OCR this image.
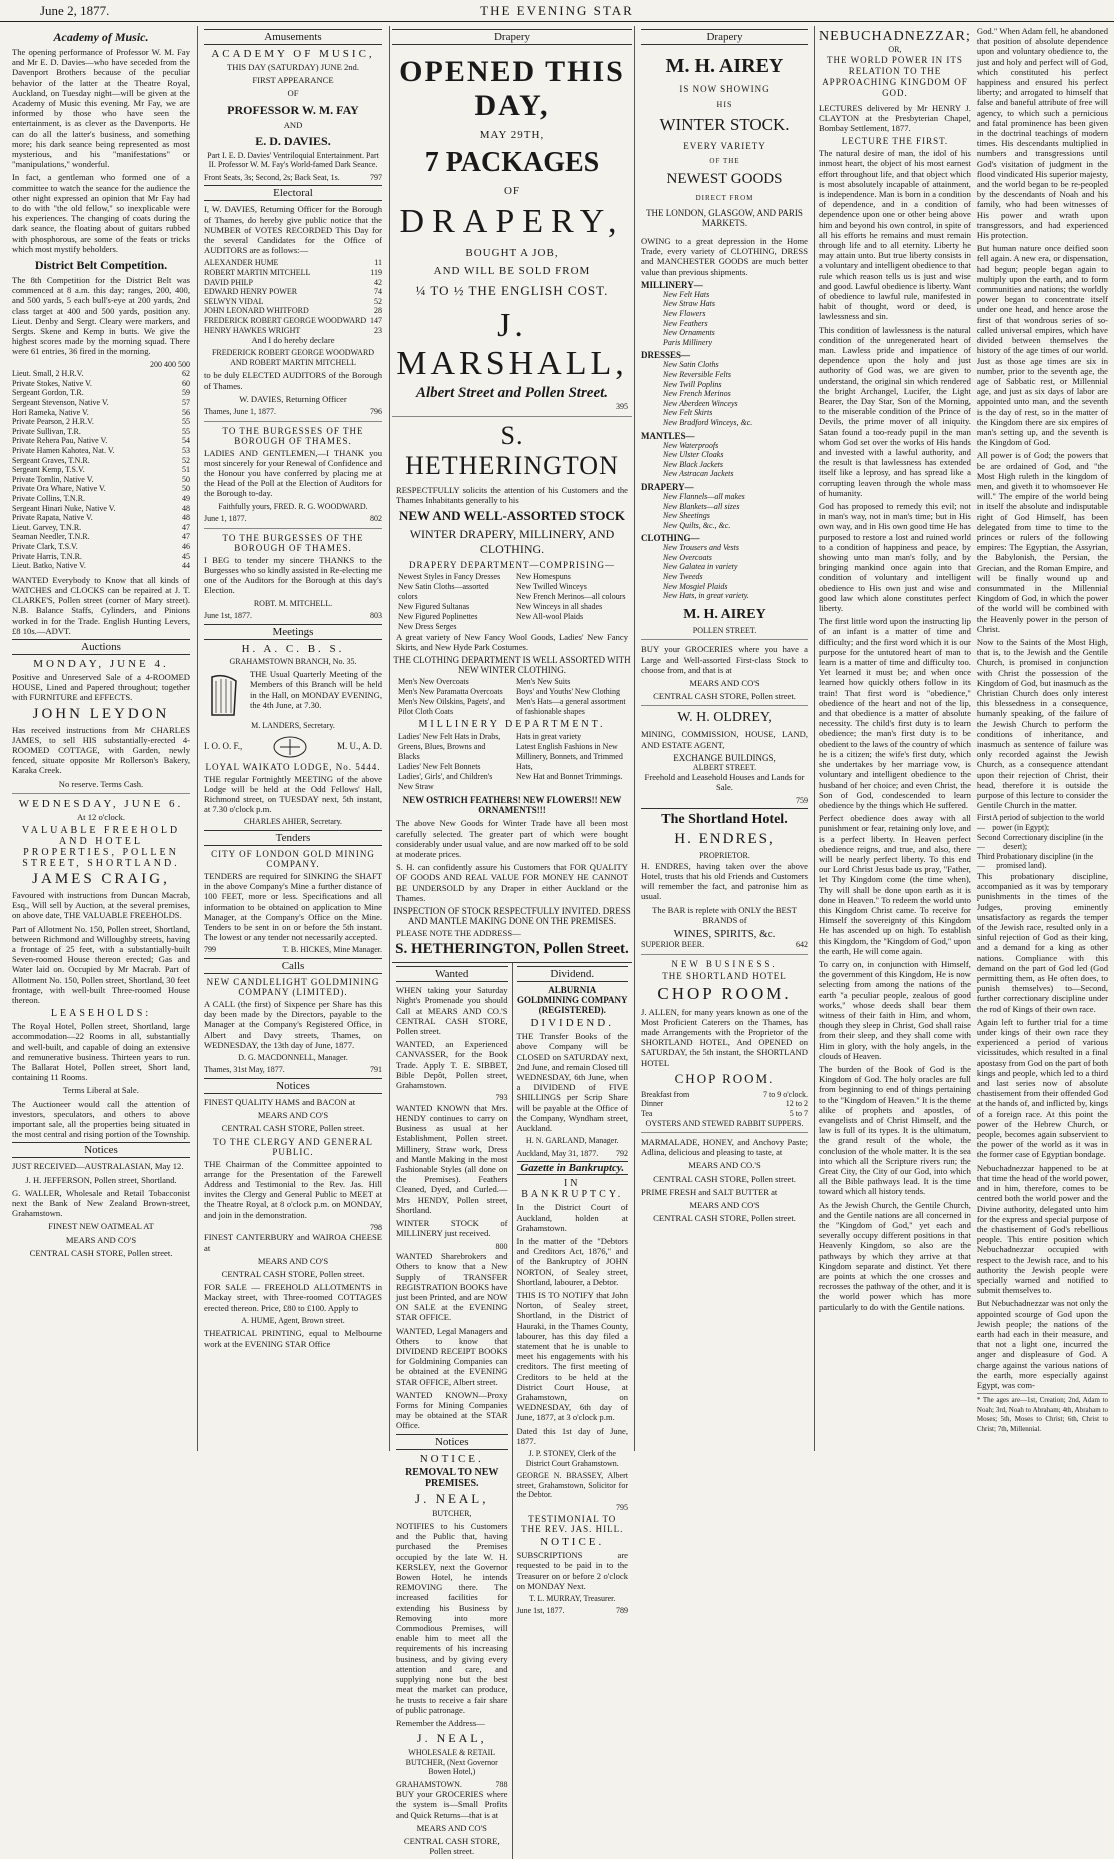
June 2, 1877.	THE EVENING STAR
Academy of Music.

The opening performance of Professor W. M. Fay and Mr E. D. Davies—who have seceded from the Davenport Brothers because of the peculiar behavior of the latter at the Theatre Royal, Auckland, on Tuesday night—will be given at the Academy of Music this evening. Mr Fay, we are informed by those who have seen the entertainment, is as clever as the Davenports. He can do all the latter's business, and something more; his dark seance being represented as most mysterious, and his "manifestations" or "manipulations," wonderful.

In fact, a gentleman who formed one of a committee to watch the seance for the audience the other night expressed an opinion that Mr Fay had to do with "the old fellow," so inexplicable were his experiences. The changing of coats during the dark seance, the floating about of guitars rubbed with phosphorous, are some of the feats or tricks which most mystify beholders.

District Belt Competition.

The 8th Competition for the District Belt was commenced at 8 a.m. this day; ranges, 200, 400, and 500 yards, 5 each bull's-eye at 200 yards, 2nd class target at 400 and 500 yards, position any. Lieut. Denby and Sergt. Cleary were markers, and Sergts. Skene and Kemp in butts. We give the highest scores made by the morning squad. There were 61 entries, 36 fired in the morning.

200 400 500
Lieut. Small, 2 H.R.V.	62
Private Stokes, Native V.	60
Sergeant Gordon, T.R.	59
Sergeant Stevenson, Native V.	57
Hori Rameka, Native V.	56
Private Pearson, 2 H.R.V.	55
Private Sullivan, T.R.	55
Private Rehera Pau, Native V.	54
Private Hamen Kahotea, Nat. V.	53
Sergeant Graves, T.N.R.	52
Sergeant Kemp, T.S.V.	51
Private Tomlin, Native V.	50
Private Ora Whare, Native V.	50
Private Collins, T.N.R.	49
Sergeant Hinari Nuke, Native V.	48
Private Rapata, Native V.	48
Lieut. Garvey, T.N.R.	47
Seaman Needler, T.N.R.	47
Private Clark, T.S.V.	46
Private Harris, T.N.R.	45
Lieut. Batko, Native V.	44

WANTED Everybody to Know that all kinds of WATCHES and CLOCKS can be repaired at J. T. CLARKE'S, Pollen street (corner of Mary street). N.B. Balance Staffs, Cylinders, and Pinions worked in for the Trade. English Hunting Levers, £8 10s.—ADVT.

Auctions
MONDAY, JUNE 4.

Positive and Unreserved Sale of a 4-ROOMED HOUSE, Lined and Papered throughout; together with FURNITURE and EFFECTS.

JOHN LEYDON

Has received instructions from Mr CHARLES JAMES, to sell HIS substantially-erected 4-ROOMED COTTAGE, with Garden, newly fenced, situate opposite Mr Rollerson's Bakery, Karaka Creek.

No reserve. Terms Cash.

WEDNESDAY, JUNE 6.

At 12 o'clock.

VALUABLE FREEHOLD AND HOTEL PROPERTIES, POLLEN STREET, SHORTLAND.
JAMES CRAIG,

Favoured with instructions from Duncan Macrab, Esq., Will sell by Auction, at the several premises, on above date, THE VALUABLE FREEHOLDS.

Part of Allotment No. 150, Pollen street, Shortland, between Richmond and Willoughby streets, having a frontage of 25 feet, with a substantially-built Seven-roomed House thereon erected; Gas and Water laid on. Occupied by Mr Macrab. Part of Allotment No. 150, Pollen street, Shortland, 30 feet frontage, with well-built Three-roomed House thereon.

LEASEHOLDS:

The Royal Hotel, Pollen street, Shortland, large accommodation—22 Rooms in all, substantially and well-built, and capable of doing an extensive and remunerative business. Thirteen years to run. The Ballarat Hotel, Pollen street, Short land, containing 11 Rooms.

Terms Liberal at Sale.

The Auctioneer would call the attention of investors, speculators, and others to above important sale, all the properties being situated in the most central and rising portion of the Township.

Notices

JUST RECEIVED—AUSTRALASIAN, May 12.

J. H. JEFFERSON, Pollen street, Shortland.

G. WALLER, Wholesale and Retail Tobacconist next the Bank of New Zealand Brown-street, Grahamstown.

FINEST NEW OATMEAL AT

MEARS AND CO'S

CENTRAL CASH STORE, Pollen street.

Amusements
ACADEMY OF MUSIC,

THIS DAY (SATURDAY) JUNE 2nd.

FIRST APPEARANCE

OF

PROFESSOR W. M. FAY

AND

E. D. DAVIES.

Part I. E. D. Davies' Ventriloquial Entertainment. Part II. Professor W. M. Fay's World-famed Dark Seance.

Front Seats, 3s; Second, 2s; Back Seat, 1s.	797
Electoral

I, W. DAVIES, Returning Officer for the Borough of Thames, do hereby give public notice that the NUMBER of VOTES RECORDED This Day for the several Candidates for the Office of AUDITORS are as follows:—

ALEXANDER HUME	11
ROBERT MARTIN MITCHELL	119
DAVID PHILP	42
EDWARD HENRY POWER	74
SELWYN VIDAL	52
JOHN LEONARD WHITFORD	28
FREDERICK ROBERT GEORGE WOODWARD 147
HENRY HAWKES WRIGHT	23

And I do hereby declare

FREDERICK ROBERT GEORGE WOODWARD AND ROBERT MARTIN MITCHELL

to be duly ELECTED AUDITORS of the Borough of Thames.

W. DAVIES, Returning Officer

Thames, June 1, 1877.	796
TO THE BURGESSES OF THE BOROUGH OF THAMES.

LADIES AND GENTLEMEN,—I THANK you most sincerely for your Renewal of Confidence and the Honour you have conferred by placing me at the Head of the Poll at the Election of Auditors for the Borough to-day.

Faithfully yours, FRED. R. G. WOODWARD.

June 1, 1877.	802
TO THE BURGESSES OF THE BOROUGH OF THAMES.

I BEG to tender my sincere THANKS to the Burgesses who so kindly assisted in Re-electing me one of the Auditors for the Borough at this day's Election.

ROBT. M. MITCHELL.

June 1st, 1877.	803
Meetings
H. A. C. B. S.

GRAHAMSTOWN BRANCH, No. 35.

THE Usual Quarterly Meeting of the Members of this Branch will be held in the Hall, on MONDAY EVENING, the 4th June, at 7.30.

M. LANDERS, Secretary.

I. O. O. F.,	M. U., A. D.
LOYAL WAIKATO LODGE, No. 5444.

THE regular Fortnightly MEETING of the above Lodge will be held at the Odd Fellows' Hall, Richmond street, on TUESDAY next, 5th instant, at 7.30 o'clock p.m.

CHARLES AHIER, Secretary.

Tenders
CITY OF LONDON GOLD MINING COMPANY.

TENDERS are required for SINKING the SHAFT in the above Company's Mine a further distance of 100 FEET, more or less. Specifications and all information to be obtained on application to Mine Manager, at the Company's Office on the Mine. Tenders to be sent in on or before the 5th instant. The lowest or any tender not necessarily accepted.

799	T. B. HICKES, Mine Manager.
Calls
NEW CANDLELIGHT GOLDMINING COMPANY (LIMITED).

A CALL (the first) of Sixpence per Share has this day been made by the Directors, payable to the Manager at the Company's Registered Office, in Albert and Davy streets, Thames, on WEDNESDAY, the 13th day of June, 1877.

D. G. MACDONNELL, Manager.

Thames, 31st May, 1877.	791
Notices

FINEST QUALITY HAMS and BACON at

MEARS AND CO'S

CENTRAL CASH STORE, Pollen street.

TO THE CLERGY AND GENERAL PUBLIC.

THE Chairman of the Committee appointed to arrange for the Presentation of the Farewell Address and Testimonial to the Rev. Jas. Hill invites the Clergy and General Public to MEET at the Theatre Royal, at 8 o'clock p.m. on MONDAY, and join in the demonstration.

798

FINEST CANTERBURY and WAIROA CHEESE at

MEARS AND CO'S

CENTRAL CASH STORE, Pollen street.

FOR SALE — FREEHOLD ALLOTMENTS in Mackay street, with Three-roomed COTTAGES erected thereon. Price, £80 to £100. Apply to

A. HUME, Agent, Brown street.

THEATRICAL PRINTING, equal to Melbourne work at the EVENING STAR Office

Drapery
OPENED THIS DAY,
MAY 29TH,
7 PACKAGES
OF
DRAPERY,
BOUGHT A JOB,
AND WILL BE SOLD FROM
¼ TO ½ THE ENGLISH COST.
J. MARSHALL,
Albert Street and Pollen Street.
395
S. HETHERINGTON

RESPECTFULLY solicits the attention of his Customers and the Thames Inhabitants generally to his

NEW AND WELL-ASSORTED STOCK
WINTER DRAPERY, MILLINERY, AND CLOTHING.
DRAPERY DEPARTMENT—COMPRISING—
Newest Styles in Fancy Dresses
New Satin Cloths—assorted colors
New Figured Sultanas
New Figured Poplinettes
New Dress Serges
New Homespuns
New Twilled Winceys
New French Merinos—all colours
New Winceys in all shades
New All-wool Plaids

A great variety of New Fancy Wool Goods, Ladies' New Fancy Skirts, and New Hyde Park Costumes.

THE CLOTHING DEPARTMENT IS WELL ASSORTED WITH NEW WINTER CLOTHING.
Men's New Overcoats
Men's New Paramatta Overcoats
Men's New Oilskins, Pagets', and Pilot Cloth Coats
Men's New Suits
Boys' and Youths' New Clothing
Men's Hats—a general assortment of fashionable shapes
MILLINERY DEPARTMENT.
Ladies' New Felt Hats in Drabs, Greens, Blues, Browns and Blacks
Ladies' New Felt Bonnets
Ladies', Girls', and Children's New Straw
Hats in great variety
Latest English Fashions in New Millinery, Bonnets, and Trimmed Hats,
New Hat and Bonnet Trimmings.
NEW OSTRICH FEATHERS! NEW FLOWERS!! NEW ORNAMENTS!!!

The above New Goods for Winter Trade have all been most carefully selected. The greater part of which were bought considerably under usual value, and are now marked off to be sold at moderate prices.

S. H. can confidently assure his Customers that FOR QUALITY OF GOODS AND REAL VALUE FOR MONEY HE CANNOT BE UNDERSOLD by any Draper in either Auckland or the Thames.

INSPECTION OF STOCK RESPECTFULLY INVITED. DRESS AND MANTLE MAKING DONE ON THE PREMISES.

PLEASE NOTE THE ADDRESS—

S. HETHERINGTON, Pollen Street.
Wanted

WHEN taking your Saturday Night's Promenade you should Call at MEARS AND CO.'S CENTRAL CASH STORE, Pollen street.

WANTED, an Experienced CANVASSER, for the Book Trade. Apply T. E. SIBBET, Bible Depôt, Pollen street, Grahamstown.

793

WANTED KNOWN that Mrs. HENDY continues to carry on Business as usual at her Establishment, Pollen street. Millinery, Straw work, Dress and Mantle Making in the most Fashionable Styles (all done on the Premises). Feathers Cleaned, Dyed, and Curled.—Mrs HENDY, Pollen street, Shortland.

WINTER STOCK of MILLINERY just received.

800

WANTED Sharebrokers and Others to know that a New Supply of TRANSFER REGISTRATION BOOKS have just been Printed, and are NOW ON SALE at the EVENING STAR OFFICE.

WANTED, Legal Managers and Others to know that DIVIDEND RECEIPT BOOKS for Goldmining Companies can be obtained at the EVENING STAR OFFICE, Albert street.

WANTED KNOWN—Proxy Forms for Mining Companies may be obtained at the STAR Office.

Notices
NOTICE.
REMOVAL TO NEW PREMISES.
J. NEAL,

BUTCHER,

NOTIFIES to his Customers and the Public that, having purchased the Premises occupied by the late W. H. KERSLEY, next the Governor Bowen Hotel, he intends REMOVING there. The increased facilities for extending his Business by Removing into more Commodious Premises, will enable him to meet all the requirements of his increasing business, and by giving every attention and care, and supplying none but the best meat the market can produce, he trusts to receive a fair share of public patronage.

Remember the Address—

J. NEAL,

WHOLESALE & RETAIL BUTCHER, (Next Governor Bowen Hotel,)

GRAHAMSTOWN.	788

BUY your GROCERIES where the system is—Small Profits and Quick Returns—that is at

MEARS AND CO'S

CENTRAL CASH STORE, Pollen street.

Dividend.
ALBURNIA GOLDMINING COMPANY (REGISTERED).
DIVIDEND.

THE Transfer Books of the above Company will be CLOSED on SATURDAY next, 2nd June, and remain Closed till WEDNESDAY, 6th June, when a DIVIDEND of FIVE SHILLINGS per Scrip Share will be payable at the Office of the Company, Wyndham street, Auckland.

H. N. GARLAND, Manager.

Auckland, May 31, 1877. 792
Gazette in Bankruptcy.
IN BANKRUPTCY.

In the District Court of Auckland, holden at Grahamstown.

In the matter of the "Debtors and Creditors Act, 1876," and of the Bankruptcy of JOHN NORTON, of Sealey street, Shortland, labourer, a Debtor.

THIS IS TO NOTIFY that John Norton, of Sealey street, Shortland, in the District of Hauraki, in the Thames County, labourer, has this day filed a statement that he is unable to meet his engagements with his creditors. The first meeting of Creditors to be held at the District Court House, at Grahamstown, on WEDNESDAY, 6th day of June, 1877, at 3 o'clock p.m.

Dated this 1st day of June, 1877.

J. P. STONEY, Clerk of the District Court Grahamstown.

GEORGE N. BRASSEY, Albert street, Grahamstown, Solicitor for the Debtor.

795
TESTIMONIAL TO THE REV. JAS. HILL.
NOTICE.

SUBSCRIPTIONS are requested to be paid in to the Treasurer on or before 2 o'clock on MONDAY Next.

T. L. MURRAY, Treasurer.

June 1st, 1877.	789
Drapery
M. H. AIREY
IS NOW SHOWING
HIS
WINTER STOCK.
EVERY VARIETY
OF THE
NEWEST GOODS
DIRECT FROM
THE LONDON, GLASGOW, AND PARIS MARKETS.

OWING to a great depression in the Home Trade, every variety of CLOTHING, DRESS and MANCHESTER GOODS are much better value than previous shipments.

MILLINERY—
New Felt Hats
New Straw Hats
New Flowers
New Feathers
New Ornaments
Paris Millinery
DRESSES—
New Satin Cloths
New Reversible Felts
New Twill Poplins
New French Merinos
New Aberdeen Winceys
New Felt Skirts
New Bradford Winceys, &c.
MANTLES—
New Waterproofs
New Ulster Cloaks
New Black Jackets
New Astracan Jackets
DRAPERY—
New Flannels—all makes
New Blankets—all sizes
New Sheetings
New Quilts, &c., &c.
CLOTHING—
New Trousers and Vests
New Overcoats
New Galatea in variety
New Tweeds
New Mosgiel Plaids
New Hats, in great variety.
M. H. AIREY
POLLEN STREET.

BUY your GROCERIES where you have a Large and Well-assorted First-class Stock to choose from, and that is at

MEARS AND CO'S

CENTRAL CASH STORE, Pollen street.

W. H. OLDREY,

MINING, COMMISSION, HOUSE, LAND, AND ESTATE AGENT,

EXCHANGE BUILDINGS,
ALBERT STREET.

Freehold and Leasehold Houses and Lands for Sale.

759
The Shortland Hotel.
H. ENDRES,
PROPRIETOR.

H. ENDRES, having taken over the above Hotel, trusts that his old Friends and Customers will remember the fact, and patronise him as usual.

The BAR is replete with ONLY the BEST BRANDS of

WINES, SPIRITS, &c.
SUPERIOR BEER.	642
NEW BUSINESS.
THE SHORTLAND HOTEL
CHOP ROOM.

J. ALLEN, for many years known as one of the Most Proficient Caterers on the Thames, has made Arrangements with the Proprietor of the SHORTLAND HOTEL, And OPENED on SATURDAY, the 5th instant, the SHORTLAND HOTEL

CHOP ROOM.
Breakfast from	7 to 9 o'clock.
Dinner	12 to 2
Tea	5 to 7

OYSTERS AND STEWED RABBIT SUPPERS.

MARMALADE, HONEY, and Anchovy Paste; Adlina, delicious and pleasing to taste, at

MEARS AND CO.'S

CENTRAL CASH STORE, Pollen street.

PRIME FRESH and SALT BUTTER at

MEARS AND CO'S

CENTRAL CASH STORE, Pollen street.

NEBUCHADNEZZAR;
OR,
THE WORLD POWER IN ITS RELATION TO THE APPROACHING KINGDOM OF GOD.

LECTURES delivered by Mr HENRY J. CLAYTON at the Presbyterian Chapel, Bombay Settlement, 1877.

LECTURE THE FIRST.

The natural desire of man, the idol of his inmost heart, the object of his most earnest effort throughout life, and that object which is most absolutely incapable of attainment, is independence. Man is born in a condition of dependence, and in a condition of dependence upon one or other being above him and beyond his own control, in spite of all his efforts he remains and must remain through life and to all eternity. Liberty he may attain unto. But true liberty consists in a voluntary and intelligent obedience to that rule which reason tells us is just and wise and good. Lawful obedience is liberty. Want of obedience to lawful rule, manifested in habit of thought, word or deed, is lawlessness and sin.

This condition of lawlessness is the natural condition of the unregenerated heart of man. Lawless pride and impatience of dependence upon the holy and just authority of God was, we are given to understand, the original sin which rendered the bright Archangel, Lucifer, the Light Bearer, the Day Star, Son of the Morning, to the miserable condition of the Prince of Devils, the prime mover of all iniquity. Satan found a too-ready pupil in the man whom God set over the works of His hands and invested with a lawful authority, and the result is that lawlessness has extended itself like a leprosy, and has spread like a corrupting leaven through the whole mass of humanity.

God has proposed to remedy this evil; not in man's way, not in man's time; but in His own way, and in His own good time He has purposed to restore a lost and ruined world to a condition of happiness and peace, by showing unto man man's folly, and by bringing mankind once again into that condition of voluntary and intelligent obedience to His own just and wise and good law which alone constitutes perfect liberty.

The first little word upon the instructing lip of an infant is a matter of time and difficulty; and the first word which it is our purpose for the untutored heart of man to learn is a matter of time and difficulty too. Yet learned it must be; and when once learned how quickly others follow in its train! That first word is "obedience," obedience of the heart and not of the lip, and that obedience is a matter of absolute necessity. The child's first duty is to learn obedience; the man's first duty is to be obedient to the laws of the country of which he is a citizen; the wife's first duty, which she undertakes by her marriage vow, is voluntary and intelligent obedience to the husband of her choice; and even Christ, the Son of God, condescended to learn obedience by the things which He suffered.

Perfect obedience does away with all punishment or fear, retaining only love, and is a perfect liberty. In Heaven perfect obedience reigns, and true, and also, there will be nearly perfect liberty. To this end our Lord Christ Jesus bade us pray, "Father, let Thy Kingdom come (the time when), Thy will shall be done upon earth as it is done in Heaven." To redeem the world unto this Kingdom Christ came. To receive for Himself the sovereignty of this Kingdom He has ascended up on high. To establish this Kingdom, the "Kingdom of God," upon the earth, He will come again.

To carry on, in conjunction with Himself, the government of this Kingdom, He is now selecting from among the nations of the earth "a peculiar people, zealous of good works," whose deeds shall bear them witness of their faith in Him, and whom, though they sleep in Christ, God shall raise from their sleep, and they shall come with Him in glory, with the holy angels, in the clouds of Heaven.

The burden of the Book of God is the Kingdom of God. The holy oracles are full from beginning to end of things pertaining to the "Kingdom of Heaven." It is the theme alike of prophets and apostles, of evangelists and of Christ Himself, and the law is full of its types. It is the ultimatum, the grand result of the whole, the conclusion of the whole matter. It is the sea into which all the Scripture rivers run; the Great City, the City of our God, into which all the Bible pathways lead. It is the time toward which all history tends.

As the Jewish Church, the Gentile Church, and the Gentile nations are all concerned in the "Kingdom of God," yet each and severally occupy different positions in that Heavenly Kingdom, so also are the pathways by which they arrive at that Kingdom separate and distinct. Yet there are points at which the one crosses and recrosses the pathway of the other, and it is the world power which has more particularly to do with the Gentile nations.

God." When Adam fell, he abandoned that position of absolute dependence upon and voluntary obedience to, the just and holy and perfect will of God, which constituted his perfect happiness and ensured his perfect liberty; and arrogated to himself that false and baneful attribute of free will agency, to which such a pernicious and fatal prominence has been given in the doctrinal teachings of modern times. His descendants multiplied in numbers and transgressions until God's visitation of judgment in the flood vindicated His superior majesty, and the world began to be re-peopled by the descendants of Noah and his family, who had been witnesses of His power and wrath upon transgressors, and had experienced His protection.

But human nature once deified soon fell again. A new era, or dispensation, had begun; people began again to multiply upon the earth, and to form communities and nations; the worldly power began to concentrate itself under one head, and hence arose the first of that wondrous series of so-called universal empires, which have divided between themselves the history of the age times of our world. Just as those age times are six in number, prior to the seventh age, the age of Sabbatic rest, or Millennial age, and just as six days of labor are appointed unto man, and the seventh is the day of rest, so in the matter of the Kingdom there are six empires of man's setting up, and the seventh is the Kingdom of God.

All power is of God; the powers that be are ordained of God, and "the Most High ruleth in the kingdom of men, and giveth it to whomsoever He will." The empire of the world being in itself the absolute and indisputable right of God Himself, has been delegated from time to time to the princes or rulers of the following empires: The Egyptian, the Assyrian, the Babylonish, the Persian, the Grecian, and the Roman Empire, and will be finally wound up and consummated in the Millennial Kingdom of God, in which the power of the world will be combined with the Heavenly power in the person of Christ.

Now to the Saints of the Most High, that is, to the Jewish and the Gentile Church, is promised in conjunction with Christ the possession of the Kingdom of God, but inasmuch as the Christian Church does only interest this blessedness in a consequence, humanly speaking, of the failure of the Jewish Church to perform the conditions of inheritance, and inasmuch as sentence of failure was only recorded against the Jewish Church, as a consequence attendant upon their rejection of Christ, their head, therefore it is outside the purpose of this lecture to consider the Gentile Church in the matter.

First—
A period of subjection to the world power (in Egypt);
Second—
Correctionary discipline (in the desert);
Third—
Probationary discipline (in the promised land).

This probationary discipline, accompanied as it was by temporary punishments in the times of the Judges, proving eminently unsatisfactory as regards the temper of the Jewish race, resulted only in a sinful rejection of God as their king, and a demand for a king as other nations. Compliance with this demand on the part of God led (God permitting them, as He often does, to punish themselves) to—Second, further correctionary discipline under the rod of Kings of their own race.

Again left to further trial for a time under kings of their own race they experienced a period of various vicissitudes, which resulted in a final apostasy from God on the part of both kings and people, which led to a third and last series now of absolute chastisement from their offended God at the hands of, and inflicted by, kings of a foreign race. At this point the power of the Hebrew Church, or people, becomes again subservient to the power of the world as it was in the former case of Egyptian bondage.

Nebuchadnezzar happened to be at that time the head of the world power, and in him, therefore, comes to be centred both the world power and the Divine authority, delegated unto him for the express and special purpose of the chastisement of God's rebellious people. This entire position which Nebuchadnezzar occupied with respect to the Jewish race, and to his authority the Jewish people were specially warned and notified to submit themselves to.

But Nebuchadnezzar was not only the appointed scourge of God upon the Jewish people; the nations of the earth had each in their measure, and that not a light one, incurred the anger and displeasure of God. A charge against the various nations of the earth, more especially against Egypt, was com-

* The ages are—1st, Creation; 2nd, Adam to Noah; 3rd, Noah to Abraham; 4th, Abraham to Moses; 5th, Moses to Christ; 6th, Christ to Christ; 7th, Millennial.
